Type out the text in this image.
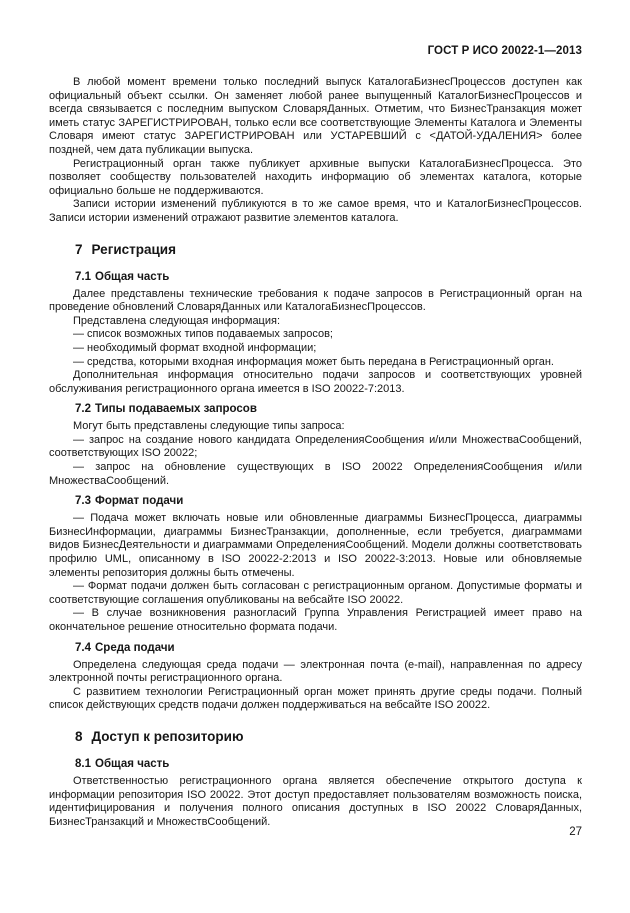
ГОСТ Р ИСО 20022-1—2013

В любой момент времени только последний выпуск КаталогаБизнесПроцессов доступен как официальный объект ссылки. Он заменяет любой ранее выпущенный КаталогБизнесПроцессов и всегда связывается с последним выпуском СловаряДанных. Отметим, что БизнесТранзакция может иметь статус ЗАРЕГИСТРИРОВАН, только если все соответствующие Элементы Каталога и Элементы Словаря имеют статус ЗАРЕГИСТРИРОВАН или УСТАРЕВШИЙ с <ДАТОЙ-УДАЛЕНИЯ> более поздней, чем дата публикации выпуска.

Регистрационный орган также публикует архивные выпуски КаталогаБизнесПроцесса. Это позволяет сообществу пользователей находить информацию об элементах каталога, которые официально больше не поддерживаются.

Записи истории изменений публикуются в то же самое время, что и КаталогБизнесПроцессов. Записи истории изменений отражают развитие элементов каталога.

7 Регистрация
7.1 Общая часть

Далее представлены технические требования к подаче запросов в Регистрационный орган на проведение обновлений СловаряДанных или КаталогаБизнесПроцессов.

Представлена следующая информация:

— список возможных типов подаваемых запросов;

— необходимый формат входной информации;

— средства, которыми входная информация может быть передана в Регистрационный орган.

Дополнительная информация относительно подачи запросов и соответствующих уровней обслуживания регистрационного органа имеется в ISO 20022-7:2013.

7.2 Типы подаваемых запросов

Могут быть представлены следующие типы запроса:

— запрос на создание нового кандидата ОпределенияСообщения и/или МножестваСообщений, соответствующих ISO 20022;

— запрос на обновление существующих в ISO 20022 ОпределенияСообщения и/или МножестваСообщений.

7.3 Формат подачи

— Подача может включать новые или обновленные диаграммы БизнесПроцесса, диаграммы БизнесИнформации, диаграммы БизнесТранзакции, дополненные, если требуется, диаграммами видов БизнесДеятельности и диаграммами ОпределенияСообщений. Модели должны соответствовать профилю UML, описанному в ISO 20022-2:2013 и ISO 20022-3:2013. Новые или обновляемые элементы репозитория должны быть отмечены.

— Формат подачи должен быть согласован с регистрационным органом. Допустимые форматы и соответствующие соглашения опубликованы на вебсайте ISO 20022.

— В случае возникновения разногласий Группа Управления Регистрацией имеет право на окончательное решение относительно формата подачи.

7.4 Среда подачи

Определена следующая среда подачи — электронная почта (e-mail), направленная по адресу электронной почты регистрационного органа.

С развитием технологии Регистрационный орган может принять другие среды подачи. Полный список действующих средств подачи должен поддерживаться на вебсайте ISO 20022.

8 Доступ к репозиторию
8.1 Общая часть

Ответственностью регистрационного органа является обеспечение открытого доступа к информации репозитория ISO 20022. Этот доступ предоставляет пользователям возможность поиска, идентифицирования и получения полного описания доступных в ISO 20022 СловаряДанных, БизнесТранзакций и МножествСообщений.

27
